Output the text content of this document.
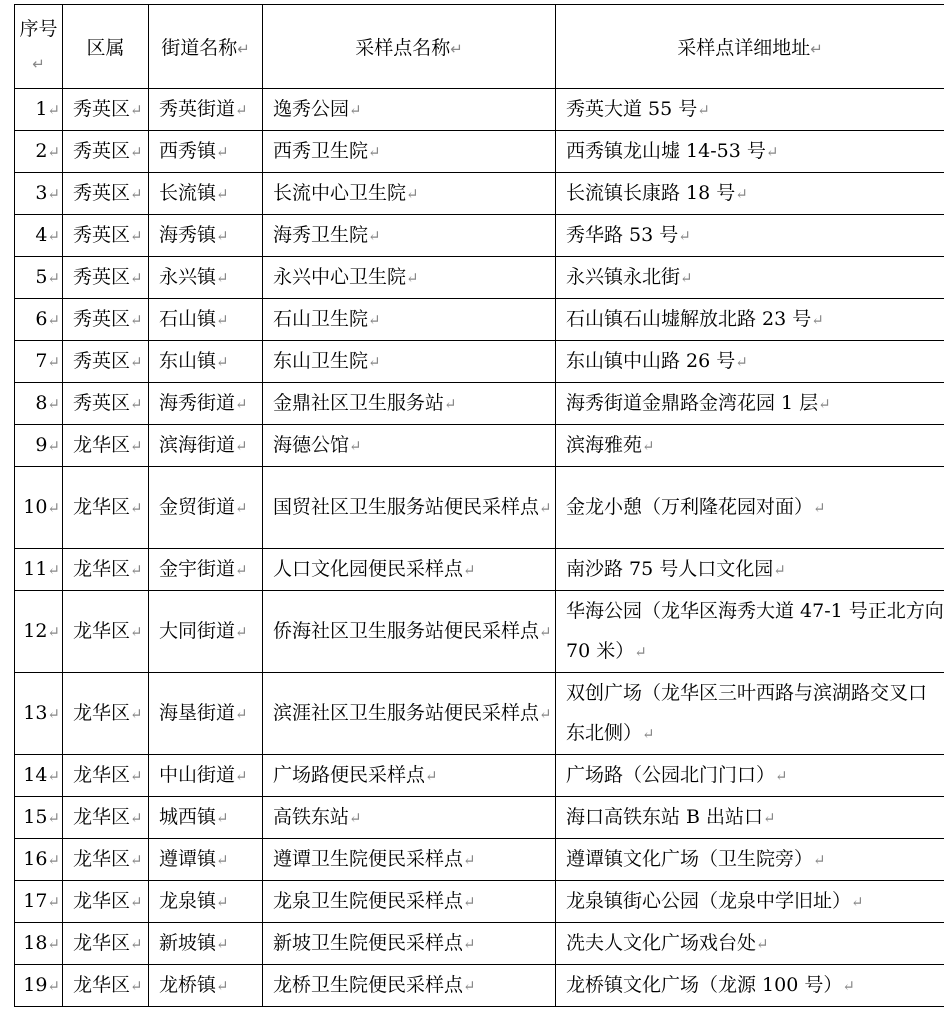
序号↵	区属	街道名称↵	采样点名称↵	采样点详细地址↵
1↵	秀英区↵	秀英街道↵	逸秀公园↵	秀英大道 55 号↵
2↵	秀英区↵	西秀镇↵	西秀卫生院↵	西秀镇龙山墟 14-53 号↵
3↵	秀英区↵	长流镇↵	长流中心卫生院↵	长流镇长康路 18 号↵
4↵	秀英区↵	海秀镇↵	海秀卫生院↵	秀华路 53 号↵
5↵	秀英区↵	永兴镇↵	永兴中心卫生院↵	永兴镇永北街↵
6↵	秀英区↵	石山镇↵	石山卫生院↵	石山镇石山墟解放北路 23 号↵
7↵	秀英区↵	东山镇↵	东山卫生院↵	东山镇中山路 26 号↵
8↵	秀英区↵	海秀街道↵	金鼎社区卫生服务站↵	海秀街道金鼎路金湾花园 1 层↵
9↵	龙华区↵	滨海街道↵	海德公馆↵	滨海雅苑↵
10↵	龙华区↵	金贸街道↵	国贸社区卫生服务站便民采样点↵	金龙小憩（万利隆花园对面）↵
11↵	龙华区↵	金宇街道↵	人口文化园便民采样点↵	南沙路 75 号人口文化园↵
12↵	龙华区↵	大同街道↵	侨海社区卫生服务站便民采样点↵	华海公园（龙华区海秀大道 47-1 号正北方向 70 米）↵
13↵	龙华区↵	海垦街道↵	滨涯社区卫生服务站便民采样点↵	双创广场（龙华区三叶西路与滨湖路交叉口东北侧）↵
14↵	龙华区↵	中山街道↵	广场路便民采样点↵	广场路（公园北门门口）↵
15↵	龙华区↵	城西镇↵	高铁东站↵	海口高铁东站 B 出站口↵
16↵	龙华区↵	遵谭镇↵	遵谭卫生院便民采样点↵	遵谭镇文化广场（卫生院旁）↵
17↵	龙华区↵	龙泉镇↵	龙泉卫生院便民采样点↵	龙泉镇街心公园（龙泉中学旧址）↵
18↵	龙华区↵	新坡镇↵	新坡卫生院便民采样点↵	冼夫人文化广场戏台处↵
19↵	龙华区↵	龙桥镇↵	龙桥卫生院便民采样点↵	龙桥镇文化广场（龙源 100 号）↵
